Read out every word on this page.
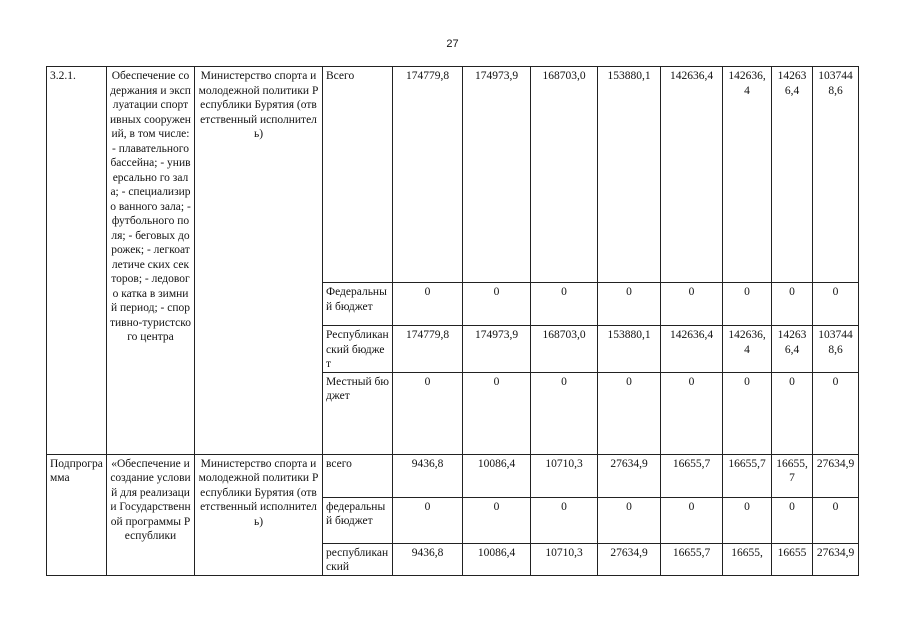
27
3.2.1.	Обеспечение содержания и эксплуатации спортивных сооружений, в том числе: - плавательного бассейна; - универсально го зала; - специализиро ванного зала; - футбольного поля; - беговых дорожек; - легкоатлетиче ских секторов; - ледового катка в зимний период; - спортивно-туристского центра	Министерство спорта и молодежной политики Республики Бурятия (ответственный исполнитель)	Всего	174779,8	174973,9	168703,0	153880,1	142636,4	142636,4	142636,4	1037448,6
			Федеральный бюджет	0	0	0	0	0	0	0	0
			Республиканский бюджет	174779,8	174973,9	168703,0	153880,1	142636,4	142636,4	142636,4	1037448,6
			Местный бюджет	0	0	0	0	0	0	0	0
Подпрограмма	«Обеспечение и создание условий для реализации Государственной программы Республики	Министерство спорта и молодежной политики Республики Бурятия (ответственный исполнитель)	всего	9436,8	10086,4	10710,3	27634,9	16655,7	16655,7	16655,7	27634,9
			федеральный бюджет	0	0	0	0	0	0	0	0
			республиканский	9436,8	10086,4	10710,3	27634,9	16655,7	16655,	16655	27634,9
